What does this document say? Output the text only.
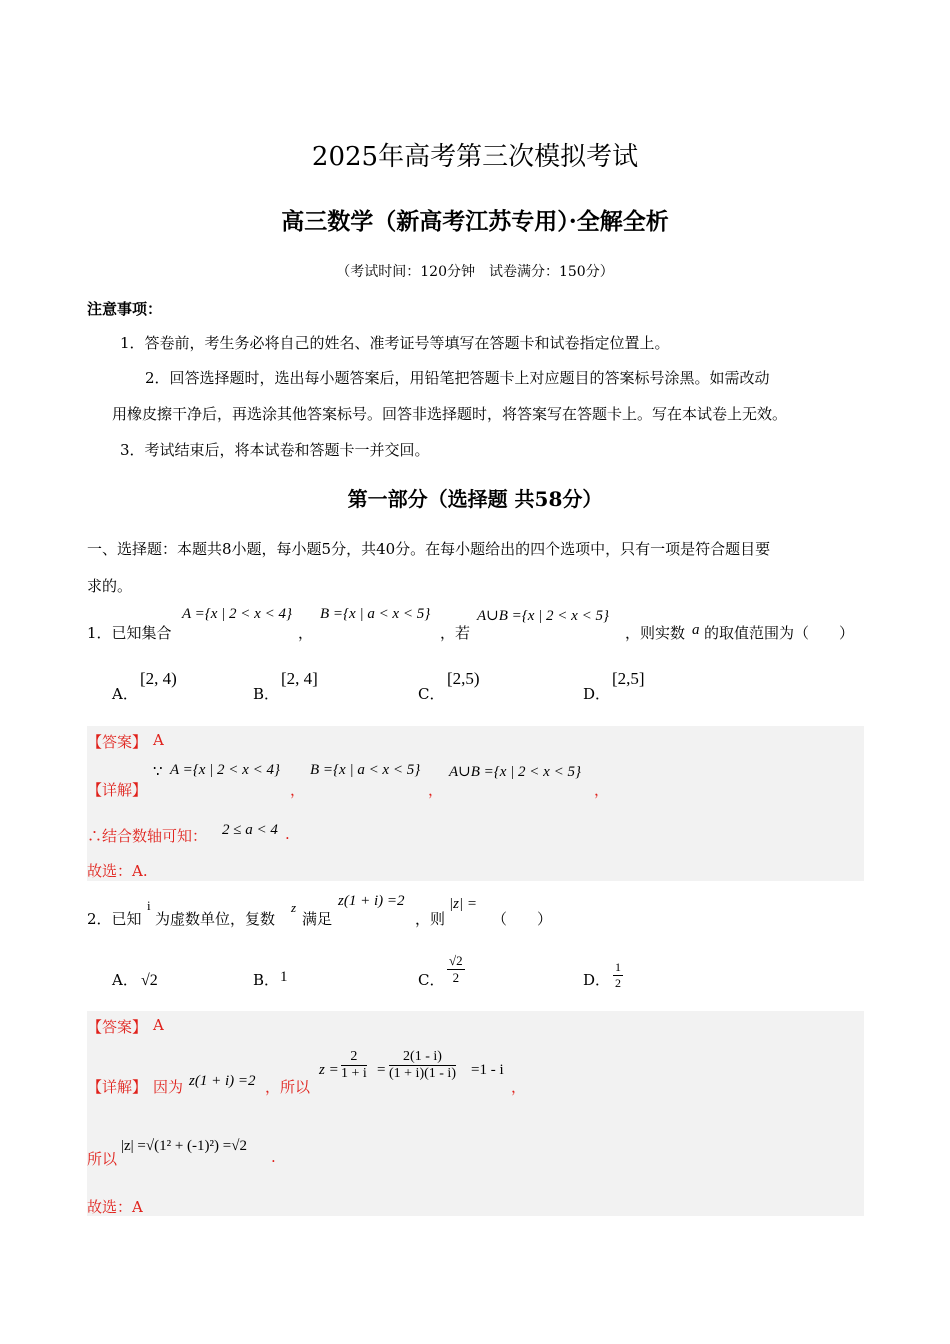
2025年高考第三次模拟考试
高三数学（新高考江苏专用）·全解全析
（考试时间：120分钟　试卷满分：150分）
注意事项：
1．答卷前，考生务必将自己的姓名、准考证号等填写在答题卡和试卷指定位置上。
2．回答选择题时，选出每小题答案后，用铅笔把答题卡上对应题目的答案标号涂黑。如需改动
用橡皮擦干净后，再选涂其他答案标号。回答非选择题时，将答案写在答题卡上。写在本试卷上无效。
3．考试结束后，将本试卷和答题卡一并交回。
第一部分（选择题 共58分）
一、选择题：本题共8小题，每小题5分，共40分。在每小题给出的四个选项中，只有一项是符合题目要
求的。
1．已知集合
A ={x | 2 < x < 4}
，
B ={x | a < x < 5}
，若
A∪B ={x | 2 < x < 5}
，则实数 a 的取值范围为（　　）
A．
[2, 4)
B．
[2, 4]
C．
[2,5)
D．
[2,5]
【答案】 A
【详解】
∵ A ={x | 2 < x < 4}
，
B ={x | a < x < 5}
，
A∪B ={x | 2 < x < 5}
，
∴结合数轴可知： 2 ≤ a < 4 .
故选：A.
2．已知
i
为虚数单位，复数
z
满足
z(1 + i) =2
，则
|z| =
（　　）
A． √2	B． 1	C． $\frac{√2}{2}$	D． $\frac{1}{2}$
【答案】 A
【详解】 因为 z(1 + i) =2 ，所以
$z = \frac{2}{1 + i} = \frac{2(1 - i)}{(1 + i)(1 - i)} =1 - i$
，
所以
|z| =√(1² + (-1)²) =√2
.
故选：A
